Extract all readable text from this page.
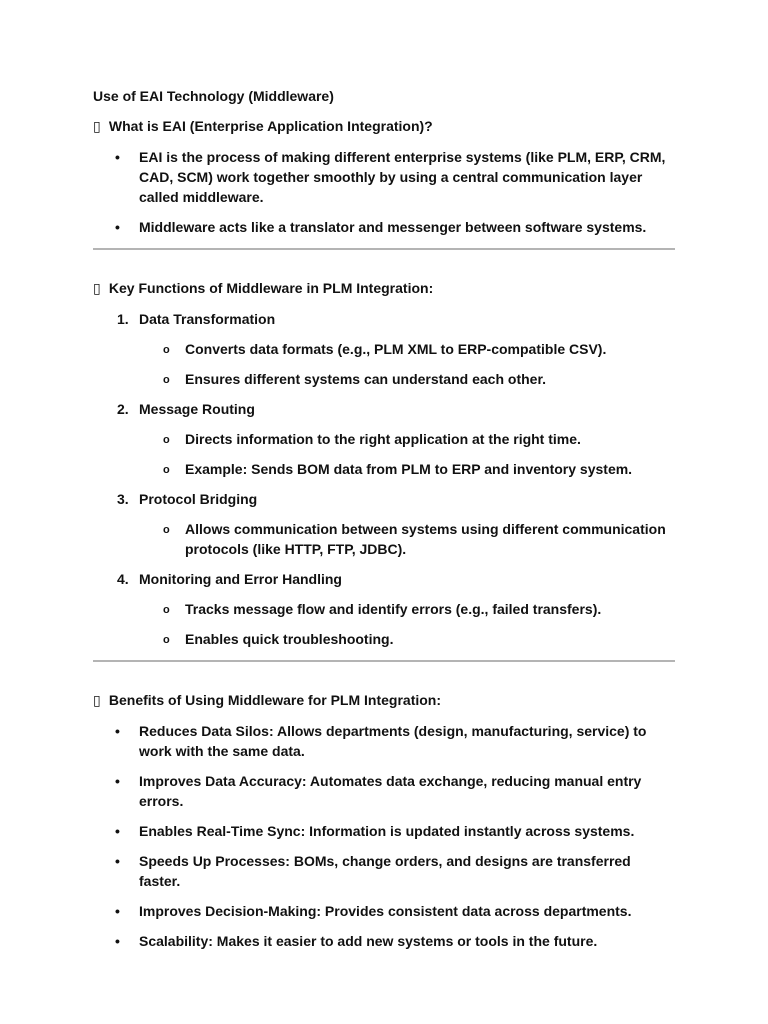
Use of EAI Technology (Middleware)

▯ What is EAI (Enterprise Application Integration)?

• EAI is the process of making different enterprise systems (like PLM, ERP, CRM, CAD, SCM) work together smoothly by using a central communication layer called middleware.
• Middleware acts like a translator and messenger between software systems.

▯ Key Functions of Middleware in PLM Integration:

1. Data Transformation
o Converts data formats (e.g., PLM XML to ERP-compatible CSV).
o Ensures different systems can understand each other.
2. Message Routing
o Directs information to the right application at the right time.
o Example: Sends BOM data from PLM to ERP and inventory system.
3. Protocol Bridging
o Allows communication between systems using different communication protocols (like HTTP, FTP, JDBC).
4. Monitoring and Error Handling
o Tracks message flow and identify errors (e.g., failed transfers).
o Enables quick troubleshooting.

▯ Benefits of Using Middleware for PLM Integration:

• Reduces Data Silos: Allows departments (design, manufacturing, service) to work with the same data.
• Improves Data Accuracy: Automates data exchange, reducing manual entry errors.
• Enables Real-Time Sync: Information is updated instantly across systems.
• Speeds Up Processes: BOMs, change orders, and designs are transferred faster.
• Improves Decision-Making: Provides consistent data across departments.
• Scalability: Makes it easier to add new systems or tools in the future.
